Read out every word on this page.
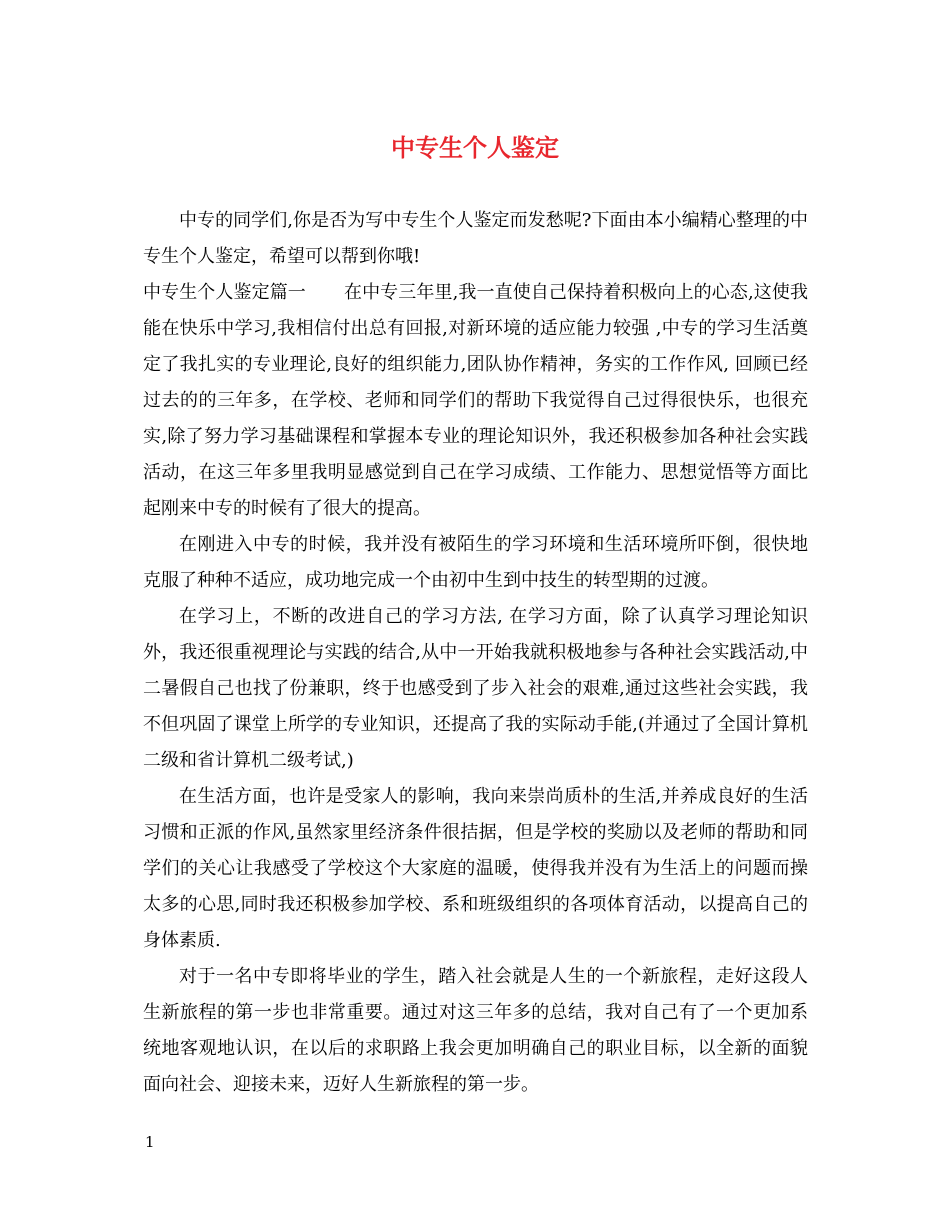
中专生个人鉴定

中专的同学们,你是否为写中专生个人鉴定而发愁呢?下面由本小编精心整理的中专生个人鉴定，希望可以帮到你哦!

中专生个人鉴定篇一 在中专三年里,我一直使自己保持着积极向上的心态,这使我能在快乐中学习,我相信付出总有回报,对新环境的适应能力较强 ,中专的学习生活奠定了我扎实的专业理论,良好的组织能力,团队协作精神，务实的工作作风, 回顾已经过去的的三年多，在学校、老师和同学们的帮助下我觉得自己过得很快乐，也很充实,除了努力学习基础课程和掌握本专业的理论知识外，我还积极参加各种社会实践活动，在这三年多里我明显感觉到自己在学习成绩、工作能力、思想觉悟等方面比起刚来中专的时候有了很大的提高。

在刚进入中专的时候，我并没有被陌生的学习环境和生活环境所吓倒，很快地克服了种种不适应，成功地完成一个由初中生到中技生的转型期的过渡。

在学习上，不断的改进自己的学习方法, 在学习方面，除了认真学习理论知识外，我还很重视理论与实践的结合,从中一开始我就积极地参与各种社会实践活动,中二暑假自己也找了份兼职，终于也感受到了步入社会的艰难,通过这些社会实践，我不但巩固了课堂上所学的专业知识，还提高了我的实际动手能,(并通过了全国计算机二级和省计算机二级考试,)

在生活方面，也许是受家人的影响，我向来崇尚质朴的生活,并养成良好的生活习惯和正派的作风,虽然家里经济条件很拮据，但是学校的奖励以及老师的帮助和同学们的关心让我感受了学校这个大家庭的温暖，使得我并没有为生活上的问题而操太多的心思,同时我还积极参加学校、系和班级组织的各项体育活动，以提高自己的身体素质.

对于一名中专即将毕业的学生，踏入社会就是人生的一个新旅程，走好这段人生新旅程的第一步也非常重要。通过对这三年多的总结，我对自己有了一个更加系统地客观地认识，在以后的求职路上我会更加明确自己的职业目标，以全新的面貌面向社会、迎接未来，迈好人生新旅程的第一步。

1
